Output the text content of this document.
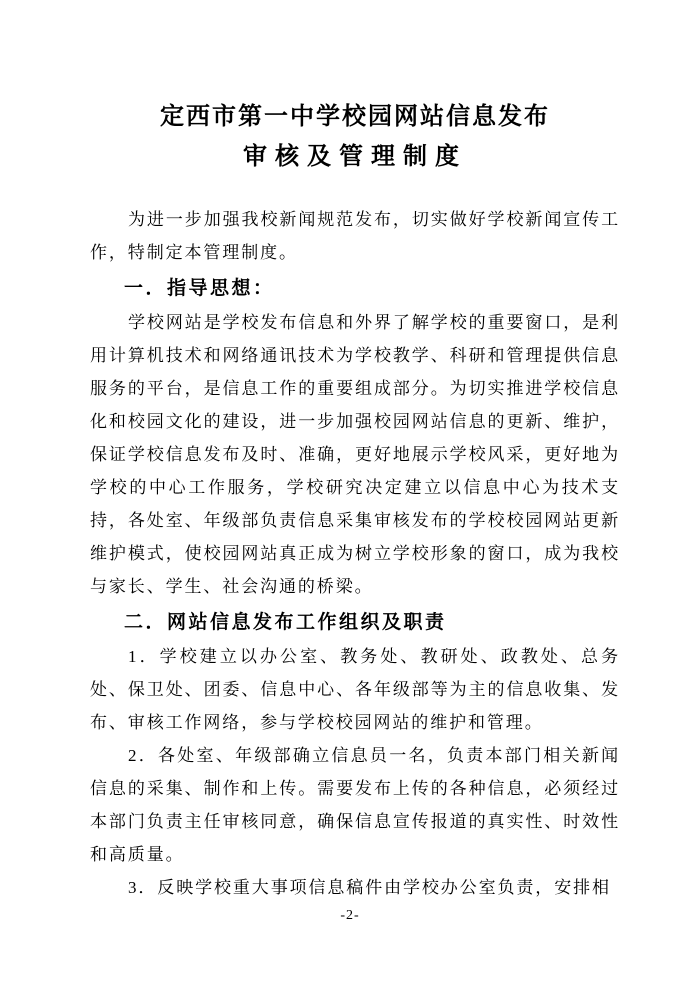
定西市第一中学校园网站信息发布
审核及管理制度

为进一步加强我校新闻规范发布，切实做好学校新闻宣传工作，特制定本管理制度。

一．指导思想：

学校网站是学校发布信息和外界了解学校的重要窗口，是利用计算机技术和网络通讯技术为学校教学、科研和管理提供信息服务的平台，是信息工作的重要组成部分。为切实推进学校信息化和校园文化的建设，进一步加强校园网站信息的更新、维护，保证学校信息发布及时、准确，更好地展示学校风采，更好地为学校的中心工作服务，学校研究决定建立以信息中心为技术支持，各处室、年级部负责信息采集审核发布的学校校园网站更新维护模式，使校园网站真正成为树立学校形象的窗口，成为我校与家长、学生、社会沟通的桥梁。

二．网站信息发布工作组织及职责

1．学校建立以办公室、教务处、教研处、政教处、总务处、保卫处、团委、信息中心、各年级部等为主的信息收集、发布、审核工作网络，参与学校校园网站的维护和管理。

2．各处室、年级部确立信息员一名，负责本部门相关新闻信息的采集、制作和上传。需要发布上传的各种信息，必须经过本部门负责主任审核同意，确保信息宣传报道的真实性、时效性和高质量。

3．反映学校重大事项信息稿件由学校办公室负责，安排相

-2-
